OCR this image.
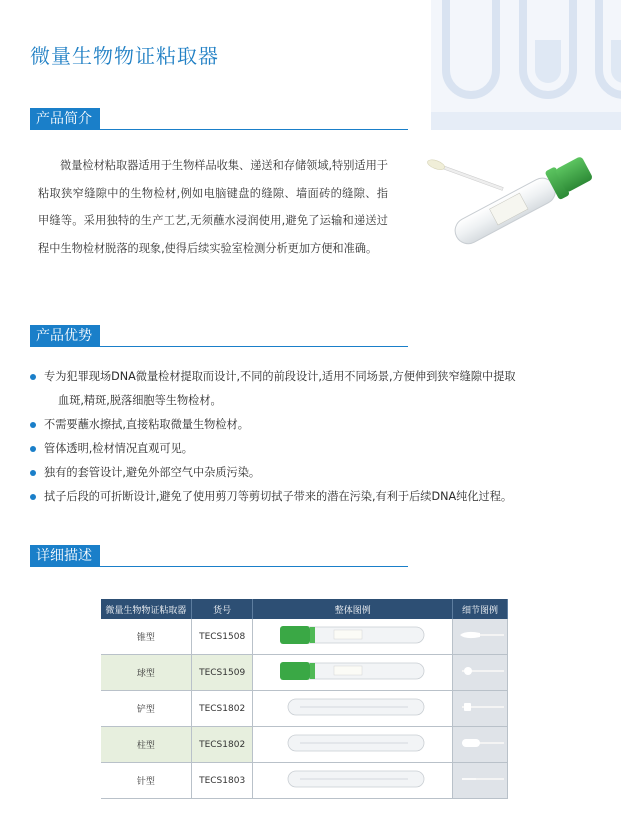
微量生物物证粘取器
产品简介

微量检材粘取器适用于生物样品收集、递送和存储领域,特别适用于粘取狭窄缝隙中的生物检材,例如电脑键盘的缝隙、墙面砖的缝隙、指甲缝等。采用独特的生产工艺,无须蘸水浸润使用,避免了运输和递送过程中生物检材脱落的现象,使得后续实验室检测分析更加方便和准确。

产品优势
专为犯罪现场DNA微量检材提取而设计,不同的前段设计,适用不同场景,方便伸到狭窄缝隙中提取
血斑,精斑,脱落细胞等生物检材。
不需要蘸水擦拭,直接粘取微量生物检材。
管体透明,检材情况直观可见。
独有的套管设计,避免外部空气中杂质污染。
拭子后段的可折断设计,避免了使用剪刀等剪切拭子带来的潜在污染,有利于后续DNA纯化过程。
详细描述
微量生物物证粘取器	货号	整体图例	细节图例
锥型	TECS1508		
球型	TECS1509		
铲型	TECS1802		
柱型	TECS1802		
针型	TECS1803		
